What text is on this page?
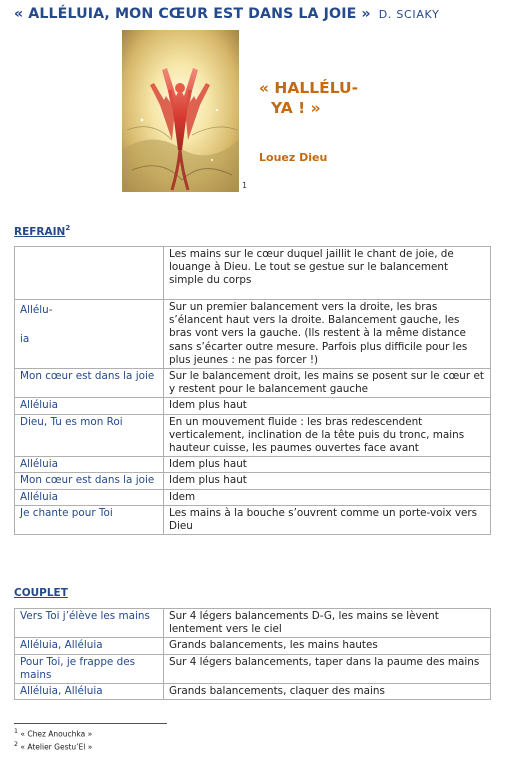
« ALLÉLUIA, MON CŒUR EST DANS LA JOIE » D. SCIAKY
1
« HALLÉLU-
YA ! »
Louez Dieu
REFRAIN$^2$
	Les mains sur le cœur duquel jaillit le chant de joie, de louange à Dieu. Le tout se gestue sur le balancement simple du corps

Allélu-
ia	Sur un premier balancement vers la droite, les bras s’élancent haut vers la droite. Balancement gauche, les bras vont vers la gauche. (Ils restent à la même distance sans s’écarter outre mesure. Parfois plus difficile pour les plus jeunes : ne pas forcer !)
Mon cœur est dans la joie	Sur le balancement droit, les mains se posent sur le cœur et y restent pour le balancement gauche
Alléluia	Idem plus haut
Dieu, Tu es mon Roi	En un mouvement fluide : les bras redescendent verticalement, inclination de la tête puis du tronc, mains hauteur cuisse, les paumes ouvertes face avant
Alléluia	Idem plus haut
Mon cœur est dans la joie	Idem plus haut
Alléluia	Idem
Je chante pour Toi	Les mains à la bouche s’ouvrent comme un porte-voix vers Dieu
COUPLET
Vers Toi j’élève les mains	Sur 4 légers balancements D-G, les mains se lèvent lentement vers le ciel
Alléluia, Alléluia	Grands balancements, les mains hautes
Pour Toi, je frappe des mains	Sur 4 légers balancements, taper dans la paume des mains
Alléluia, Alléluia	Grands balancements, claquer des mains
$^1$ « Chez Anouchka »
$^2$ « Atelier Gestu’El »
